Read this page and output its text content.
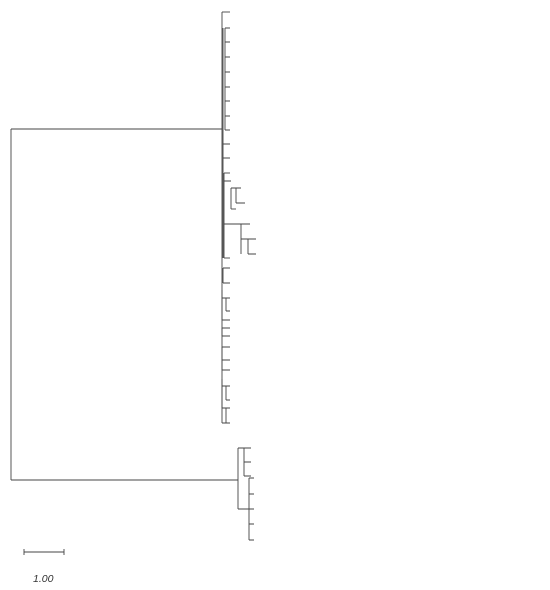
1.00
